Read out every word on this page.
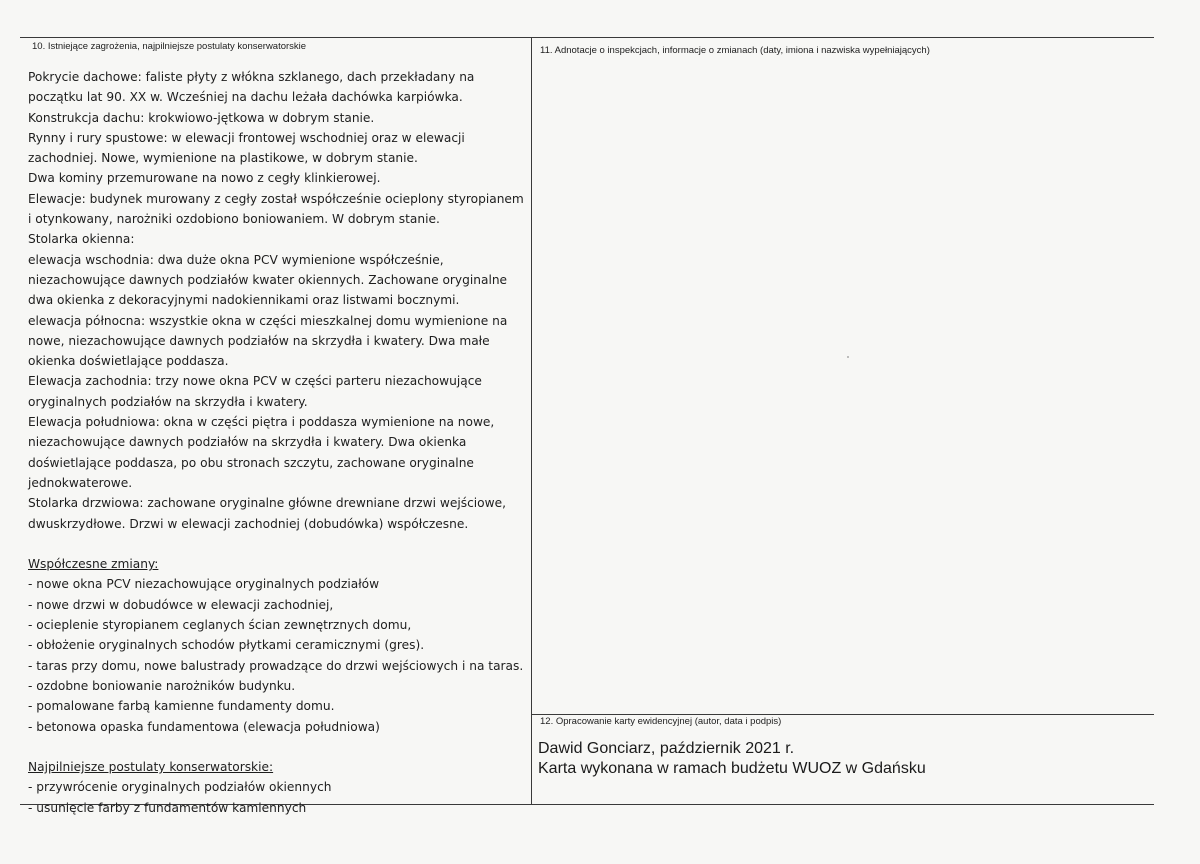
10. Istniejące zagrożenia, najpilniejsze postulaty konserwatorskie

Pokrycie dachowe: faliste płyty z włókna szklanego, dach przekładany na

początku lat 90. XX w. Wcześniej na dachu leżała dachówka karpiówka.

Konstrukcja dachu: krokwiowo-jętkowa w dobrym stanie.

Rynny i rury spustowe: w elewacji frontowej wschodniej oraz w elewacji

zachodniej. Nowe, wymienione na plastikowe, w dobrym stanie.

Dwa kominy przemurowane na nowo z cegły klinkierowej.

Elewacje: budynek murowany z cegły został współcześnie ocieplony styropianem

i otynkowany, narożniki ozdobiono boniowaniem. W dobrym stanie.

Stolarka okienna:

elewacja wschodnia: dwa duże okna PCV wymienione współcześnie,

niezachowujące dawnych podziałów kwater okiennych. Zachowane oryginalne

dwa okienka z dekoracyjnymi nadokiennikami oraz listwami bocznymi.

elewacja północna: wszystkie okna w części mieszkalnej domu wymienione na

nowe, niezachowujące dawnych podziałów na skrzydła i kwatery. Dwa małe

okienka doświetlające poddasza.

Elewacja zachodnia: trzy nowe okna PCV w części parteru niezachowujące

oryginalnych podziałów na skrzydła i kwatery.

Elewacja południowa: okna w części piętra i poddasza wymienione na nowe,

niezachowujące dawnych podziałów na skrzydła i kwatery. Dwa okienka

doświetlające poddasza, po obu stronach szczytu, zachowane oryginalne

jednokwaterowe.

Stolarka drzwiowa: zachowane oryginalne główne drewniane drzwi wejściowe,

dwuskrzydłowe. Drzwi w elewacji zachodniej (dobudówka) współczesne.

Współczesne zmiany:

- nowe okna PCV niezachowujące oryginalnych podziałów

- nowe drzwi w dobudówce w elewacji zachodniej,

- ocieplenie styropianem ceglanych ścian zewnętrznych domu,

- obłożenie oryginalnych schodów płytkami ceramicznymi (gres).

- taras przy domu, nowe balustrady prowadzące do drzwi wejściowych i na taras.

- ozdobne boniowanie narożników budynku.

- pomalowane farbą kamienne fundamenty domu.

- betonowa opaska fundamentowa (elewacja południowa)

Najpilniejsze postulaty konserwatorskie:

- przywrócenie oryginalnych podziałów okiennych

- usunięcie farby z fundamentów kamiennych

11. Adnotacje o inspekcjach, informacje o zmianach (daty, imiona i nazwiska wypełniających)
12. Opracowanie karty ewidencyjnej (autor, data i podpis)

Dawid Gonciarz, październik 2021 r.

Karta wykonana w ramach budżetu WUOZ w Gdańsku
